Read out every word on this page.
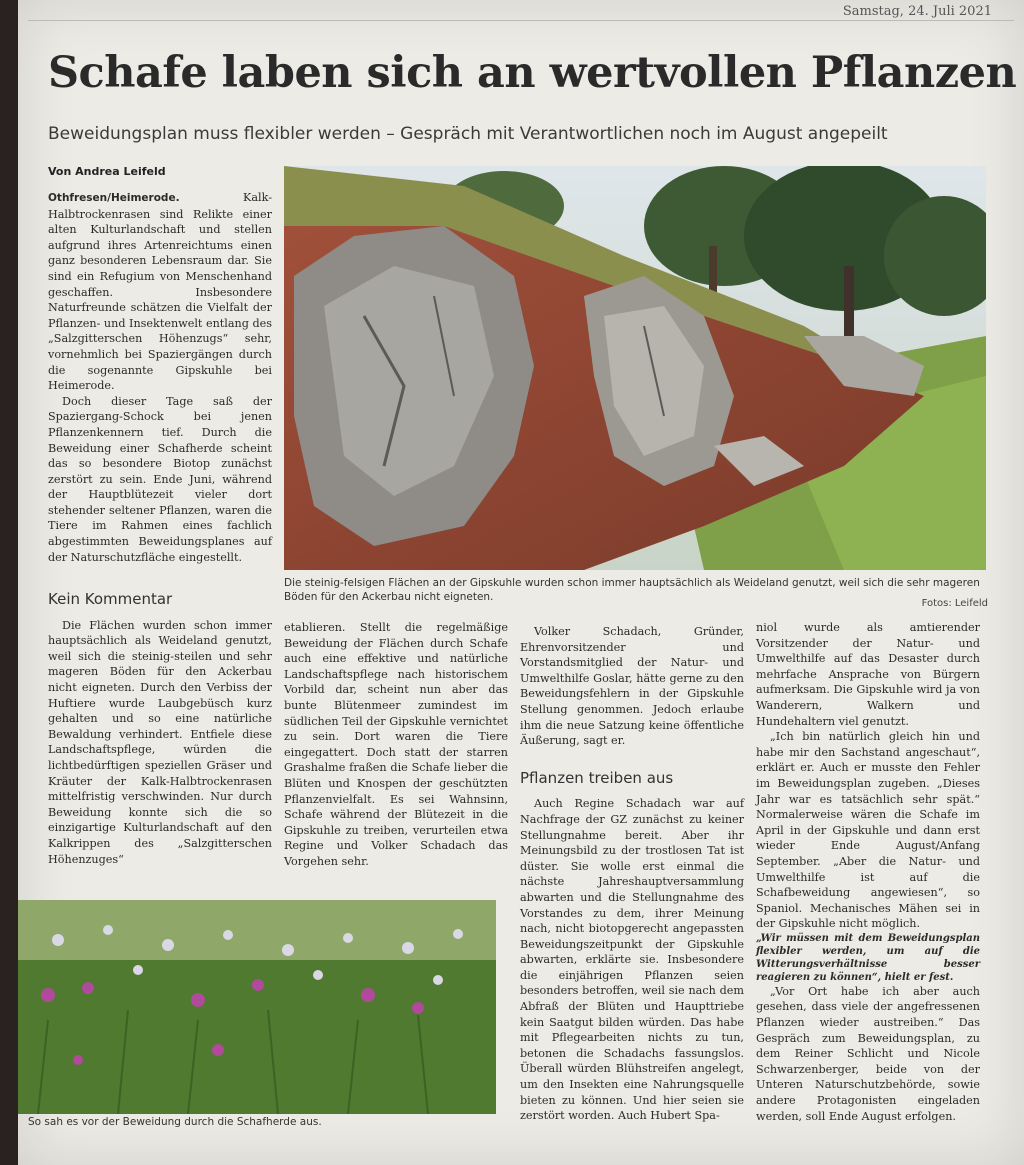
Samstag, 24. Juli 2021
Schafe laben sich an wertvollen Pflanzen
Beweidungsplan muss flexibler werden – Gespräch mit Verantwortlichen noch im August angepeilt
Von Andrea Leifeld

Othfresen/Heimerode.	Kalk-Halbtrockenrasen sind Relikte einer alten Kulturlandschaft und stellen aufgrund ihres Artenreichtums einen ganz besonderen Lebensraum dar. Sie sind ein Refugium von Menschenhand geschaffen. Insbesondere Naturfreunde schätzen die Vielfalt der Pflanzen- und Insektenwelt entlang des „Salzgitterschen Höhenzugs“ sehr, vornehmlich bei Spaziergängen durch die sogenannte Gipskuhle bei Heimerode.

Doch dieser Tage saß der Spaziergang-Schock bei jenen Pflanzenkennern tief. Durch die Beweidung einer Schafherde scheint das so besondere Biotop zunächst zerstört zu sein. Ende Juni, während der Hauptblütezeit vieler dort stehender seltener Pflanzen, waren die Tiere im Rahmen eines fachlich abgestimmten Beweidungsplanes auf der Naturschutzfläche eingestellt.

Die steinig-felsigen Flächen an der Gipskuhle wurden schon immer hauptsächlich als Weideland genutzt, weil sich die sehr mageren Böden für den Ackerbau nicht eigneten.
Fotos: Leifeld
Kein Kommentar

Die Flächen wurden schon immer hauptsächlich als Weideland genutzt, weil sich die steinig-steilen und sehr mageren Böden für den Ackerbau nicht eigneten. Durch den Verbiss der Huftiere wurde Laubgebüsch kurz gehalten und so eine natürliche Bewaldung verhindert. Entfiele diese Landschaftspflege, würden die lichtbedürftigen speziellen Gräser und Kräuter der Kalk-Halbtrockenrasen mittelfristig verschwinden. Nur durch Beweidung konnte sich die so einzigartige Kulturlandschaft auf den Kalkrippen des „Salzgitterschen Höhenzuges“

etablieren. Stellt die regelmäßige Beweidung der Flächen durch Schafe auch eine effektive und natürliche Landschaftspflege nach historischem Vorbild dar, scheint nun aber das bunte Blütenmeer zumindest im südlichen Teil der Gipskuhle vernichtet zu sein. Dort waren die Tiere eingegattert. Doch statt der starren Grashalme fraßen die Schafe lieber die Blüten und Knospen der geschützten Pflanzenvielfalt. Es sei Wahnsinn, Schafe während der Blütezeit in die Gipskuhle zu treiben, verurteilen etwa Regine und Volker Schadach das Vorgehen sehr.

Volker Schadach, Gründer, Ehrenvorsitzender und Vorstandsmitglied der Natur- und Umwelthilfe Goslar, hätte gerne zu den Beweidungsfehlern in der Gipskuhle Stellung genommen. Jedoch erlaube ihm die neue Satzung keine öffentliche Äußerung, sagt er.

Pflanzen treiben aus

Auch Regine Schadach war auf Nachfrage der GZ zunächst zu keiner Stellungnahme bereit. Aber ihr Meinungsbild zu der trostlosen Tat ist düster. Sie wolle erst einmal die nächste Jahreshauptversammlung abwarten und die Stellungnahme des Vorstandes zu dem, ihrer Meinung nach, nicht biotopgerecht angepassten Beweidungszeitpunkt der Gipskuhle abwarten, erklärte sie. Insbesondere die einjährigen Pflanzen seien besonders betroffen, weil sie nach dem Abfraß der Blüten und Haupttriebe kein Saatgut bilden würden. Das habe mit Pflegearbeiten nichts zu tun, betonen die Schadachs fassungslos. Überall würden Blühstreifen angelegt, um den Insekten eine Nahrungsquelle bieten zu können. Und hier seien sie zerstört worden. Auch Hubert Spa-

niol wurde als amtierender Vorsitzender der Natur- und Umwelthilfe auf das Desaster durch mehrfache Ansprache von Bürgern aufmerksam. Die Gipskuhle wird ja von Wanderern, Walkern und Hundehaltern viel genutzt.

„Ich bin natürlich gleich hin und habe mir den Sachstand angeschaut“, erklärt er. Auch er musste den Fehler im Beweidungsplan zugeben. „Dieses Jahr war es tatsächlich sehr spät.“ Normalerweise wären die Schafe im April in der Gipskuhle und dann erst wieder Ende August/Anfang September. „Aber die Natur- und Umwelthilfe ist auf die Schafbeweidung angewiesen“, so Spaniol. Mechanisches Mähen sei in der Gipskuhle nicht möglich.

„Wir müssen mit dem Beweidungsplan flexibler werden, um auf die Witterungsverhältnisse besser reagieren zu können“, hielt er fest.

„Vor Ort habe ich aber auch gesehen, dass viele der angefressenen Pflanzen wieder austreiben.“ Das Gespräch zum Beweidungsplan, zu dem Reiner Schlicht und Nicole Schwarzenberger, beide von der Unteren Naturschutzbehörde, sowie andere Protagonisten eingeladen werden, soll Ende August erfolgen.

So sah es vor der Beweidung durch die Schafherde aus.
